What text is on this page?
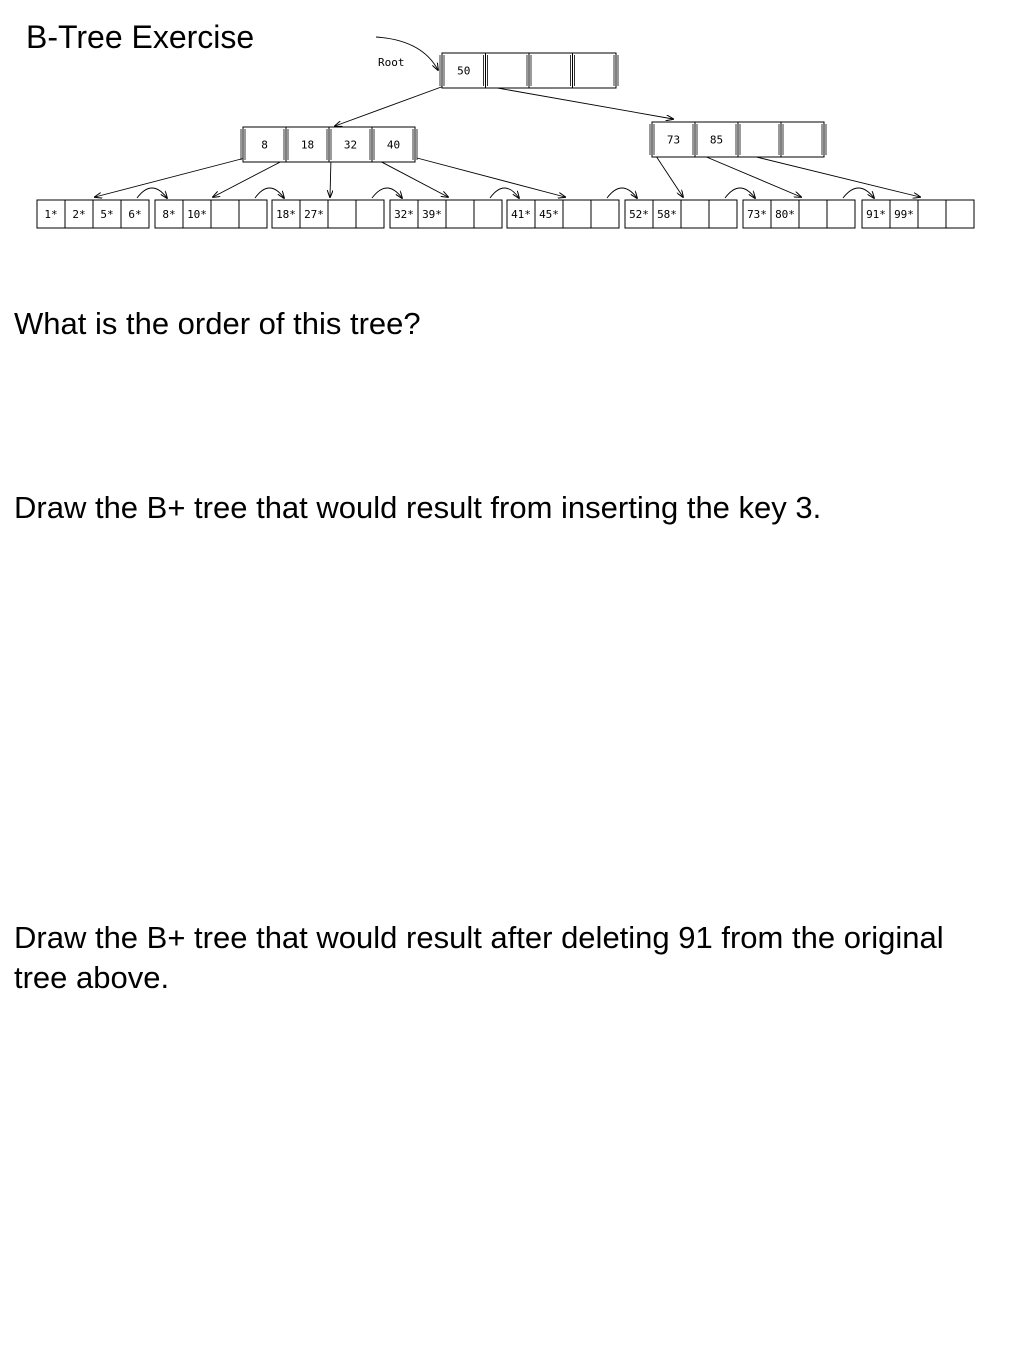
Root
50
8	18	32	40	73	85
1* 2* 5* 6* 8* 10*	18* 27*	32* 39*	41* 45*	52* 58*	73* 80*	91* 99*
B-Tree Exercise

What is the order of this tree?

Draw the B+ tree that would result from inserting the key 3.

Draw the B+ tree that would result after deleting 91 from the original tree above.
